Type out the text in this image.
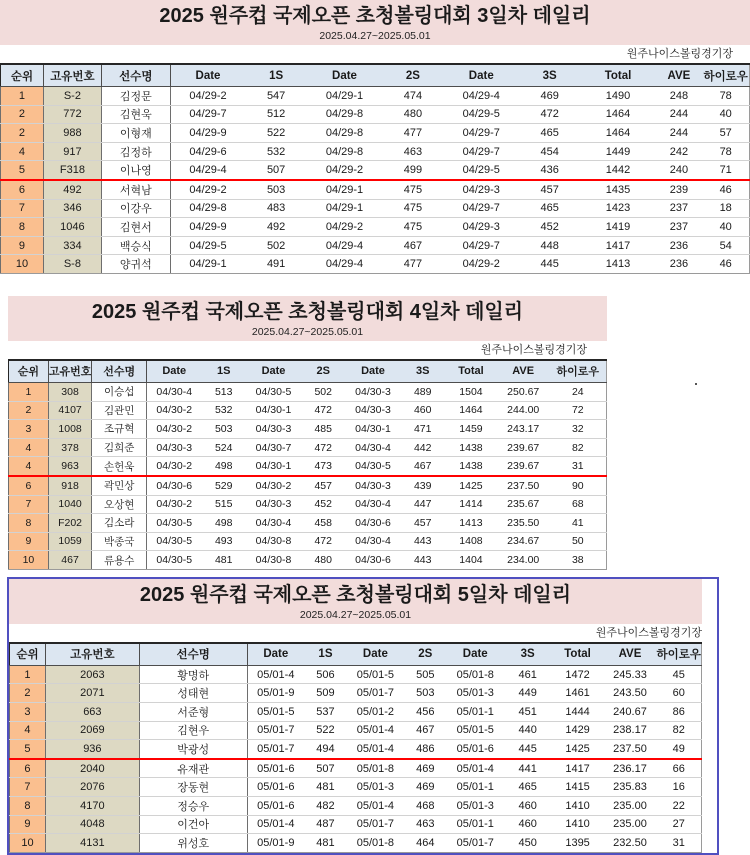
2025 원주컵 국제오픈 초청볼링대회 3일차 데일리
2025.04.27~2025.05.01
원주나이스볼링경기장
순위	고유번호	선수명	Date	1S	Date	2S	Date	3S	Total	AVE	하이로우
1	S-2	김정문	04/29-2	547	04/29-1	474	04/29-4	469	1490	248	78
2	772	김현욱	04/29-7	512	04/29-8	480	04/29-5	472	1464	244	40
2	988	이형재	04/29-9	522	04/29-8	477	04/29-7	465	1464	244	57
4	917	김정하	04/29-6	532	04/29-8	463	04/29-7	454	1449	242	78
5	F318	이나영	04/29-4	507	04/29-2	499	04/29-5	436	1442	240	71
6	492	서혁남	04/29-2	503	04/29-1	475	04/29-3	457	1435	239	46
7	346	이강우	04/29-8	483	04/29-1	475	04/29-7	465	1423	237	18
8	1046	김현서	04/29-9	492	04/29-2	475	04/29-3	452	1419	237	40
9	334	백승식	04/29-5	502	04/29-4	467	04/29-7	448	1417	236	54
10	S-8	양귀석	04/29-1	491	04/29-4	477	04/29-2	445	1413	236	46
2025 원주컵 국제오픈 초청볼링대회 4일차 데일리
2025.04.27~2025.05.01
원주나이스볼링경기장
순위	고유번호	선수명	Date	1S	Date	2S	Date	3S	Total	AVE	하이로우
1	308	이승섭	04/30-4	513	04/30-5	502	04/30-3	489	1504	250.67	24
2	4107	김관민	04/30-2	532	04/30-1	472	04/30-3	460	1464	244.00	72
3	1008	조규혁	04/30-2	503	04/30-3	485	04/30-1	471	1459	243.17	32
4	378	김희준	04/30-3	524	04/30-7	472	04/30-4	442	1438	239.67	82
4	963	손헌욱	04/30-2	498	04/30-1	473	04/30-5	467	1438	239.67	31
6	918	곽민상	04/30-6	529	04/30-2	457	04/30-3	439	1425	237.50	90
7	1040	오상현	04/30-2	515	04/30-3	452	04/30-4	447	1414	235.67	68
8	F202	김소라	04/30-5	498	04/30-4	458	04/30-6	457	1413	235.50	41
9	1059	박종국	04/30-5	493	04/30-8	472	04/30-4	443	1408	234.67	50
10	467	류용수	04/30-5	481	04/30-8	480	04/30-6	443	1404	234.00	38
2025 원주컵 국제오픈 초청볼링대회 5일차 데일리
2025.04.27~2025.05.01
원주나이스볼링경기장
순위	고유번호	선수명	Date	1S	Date	2S	Date	3S	Total	AVE	하이로우
1	2063	황명하	05/01-4	506	05/01-5	505	05/01-8	461	1472	245.33	45
2	2071	성태현	05/01-9	509	05/01-7	503	05/01-3	449	1461	243.50	60
3	663	서준형	05/01-5	537	05/01-2	456	05/01-1	451	1444	240.67	86
4	2069	김현우	05/01-7	522	05/01-4	467	05/01-5	440	1429	238.17	82
5	936	박광성	05/01-7	494	05/01-4	486	05/01-6	445	1425	237.50	49
6	2040	유재관	05/01-6	507	05/01-8	469	05/01-4	441	1417	236.17	66
7	2076	장동현	05/01-6	481	05/01-3	469	05/01-1	465	1415	235.83	16
8	4170	정승우	05/01-6	482	05/01-4	468	05/01-3	460	1410	235.00	22
9	4048	이건아	05/01-4	487	05/01-7	463	05/01-1	460	1410	235.00	27
10	4131	위성호	05/01-9	481	05/01-8	464	05/01-7	450	1395	232.50	31
